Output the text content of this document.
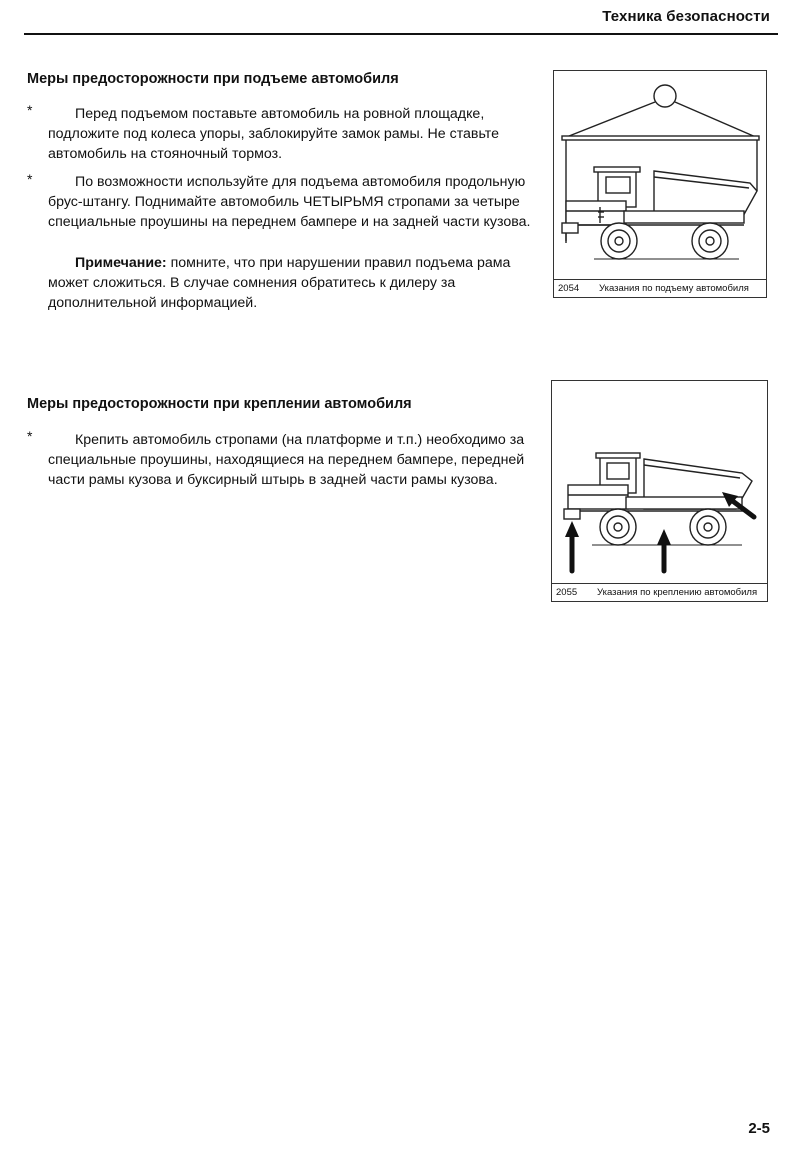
Техника безопасности
Меры предосторожности при подъеме автомобиля
*	Перед подъемом поставьте автомобиль на ровной площадке, подложите под колеса упоры, заблокируйте замок рамы. Не ставьте автомобиль на стояночный тормоз.
*	По возможности используйте для подъема автомобиля продольную брус-штангу. Поднимайте автомобиль ЧЕТЫРЬМЯ стропами за четыре специальные проушины на переднем бампере и на задней части кузова.
Примечание: помните, что при нарушении правил подъема рама может сложиться. В случае сомнения обратитесь к дилеру за дополнительной информацией.
2054 Указания по подъему автомобиля
Меры предосторожности при креплении автомобиля
*	Крепить автомобиль стропами (на платформе и т.п.) необходимо за специальные проушины, находящиеся на переднем бампере, передней части рамы кузова и буксирный штырь в задней части рамы кузова.
2055 Указания по креплению автомобиля
2-5
